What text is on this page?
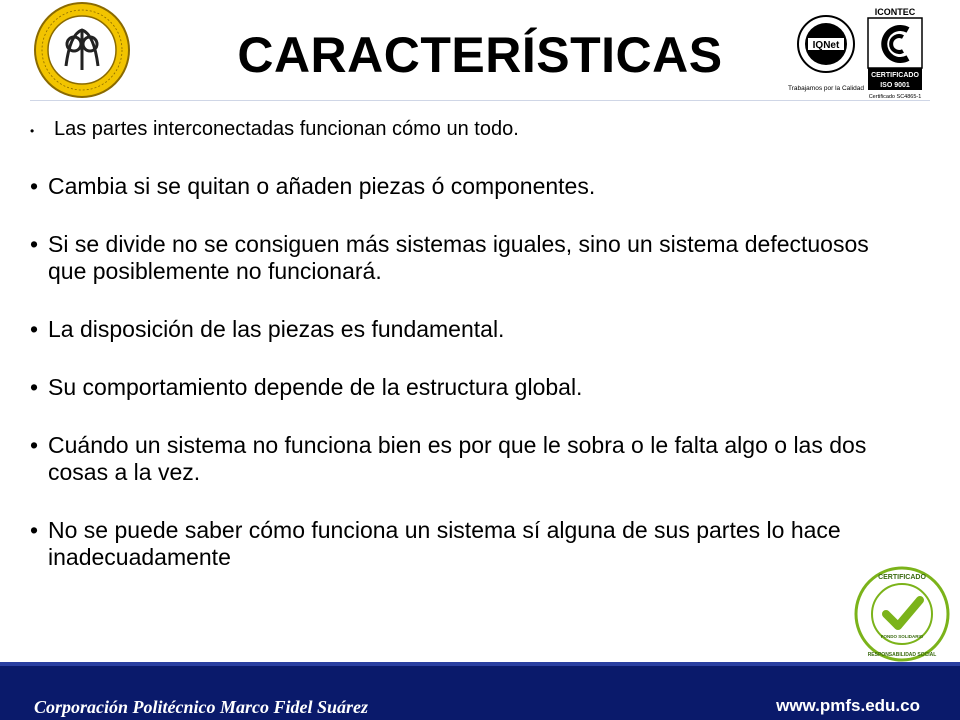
CARACTERÍSTICAS	IQNet
Trabajamos por la Calidad
ICONTEC
CERTIFICADO
ISO 9001
Certificado SC4865-1
• Las partes interconectadas funcionan cómo un todo.
• Cambia si se quitan o añaden piezas ó componentes.
• Si se divide no se consiguen más sistemas iguales, sino un sistema defectuosos que posiblemente no funcionará.
• La disposición de las piezas es fundamental.
• Su comportamiento depende de la estructura global.
• Cuándo un sistema no funciona bien es por que le sobra o le falta algo o las dos cosas a la vez.
• No se puede saber cómo funciona un sistema sí alguna de sus partes lo hace inadecuadamente
CERTIFICADO
FONDO SOLIDARIO
RESPONSABILIDAD SOCIAL
Corporación Politécnico Marco Fidel Suárez	www.pmfs.edu.co
